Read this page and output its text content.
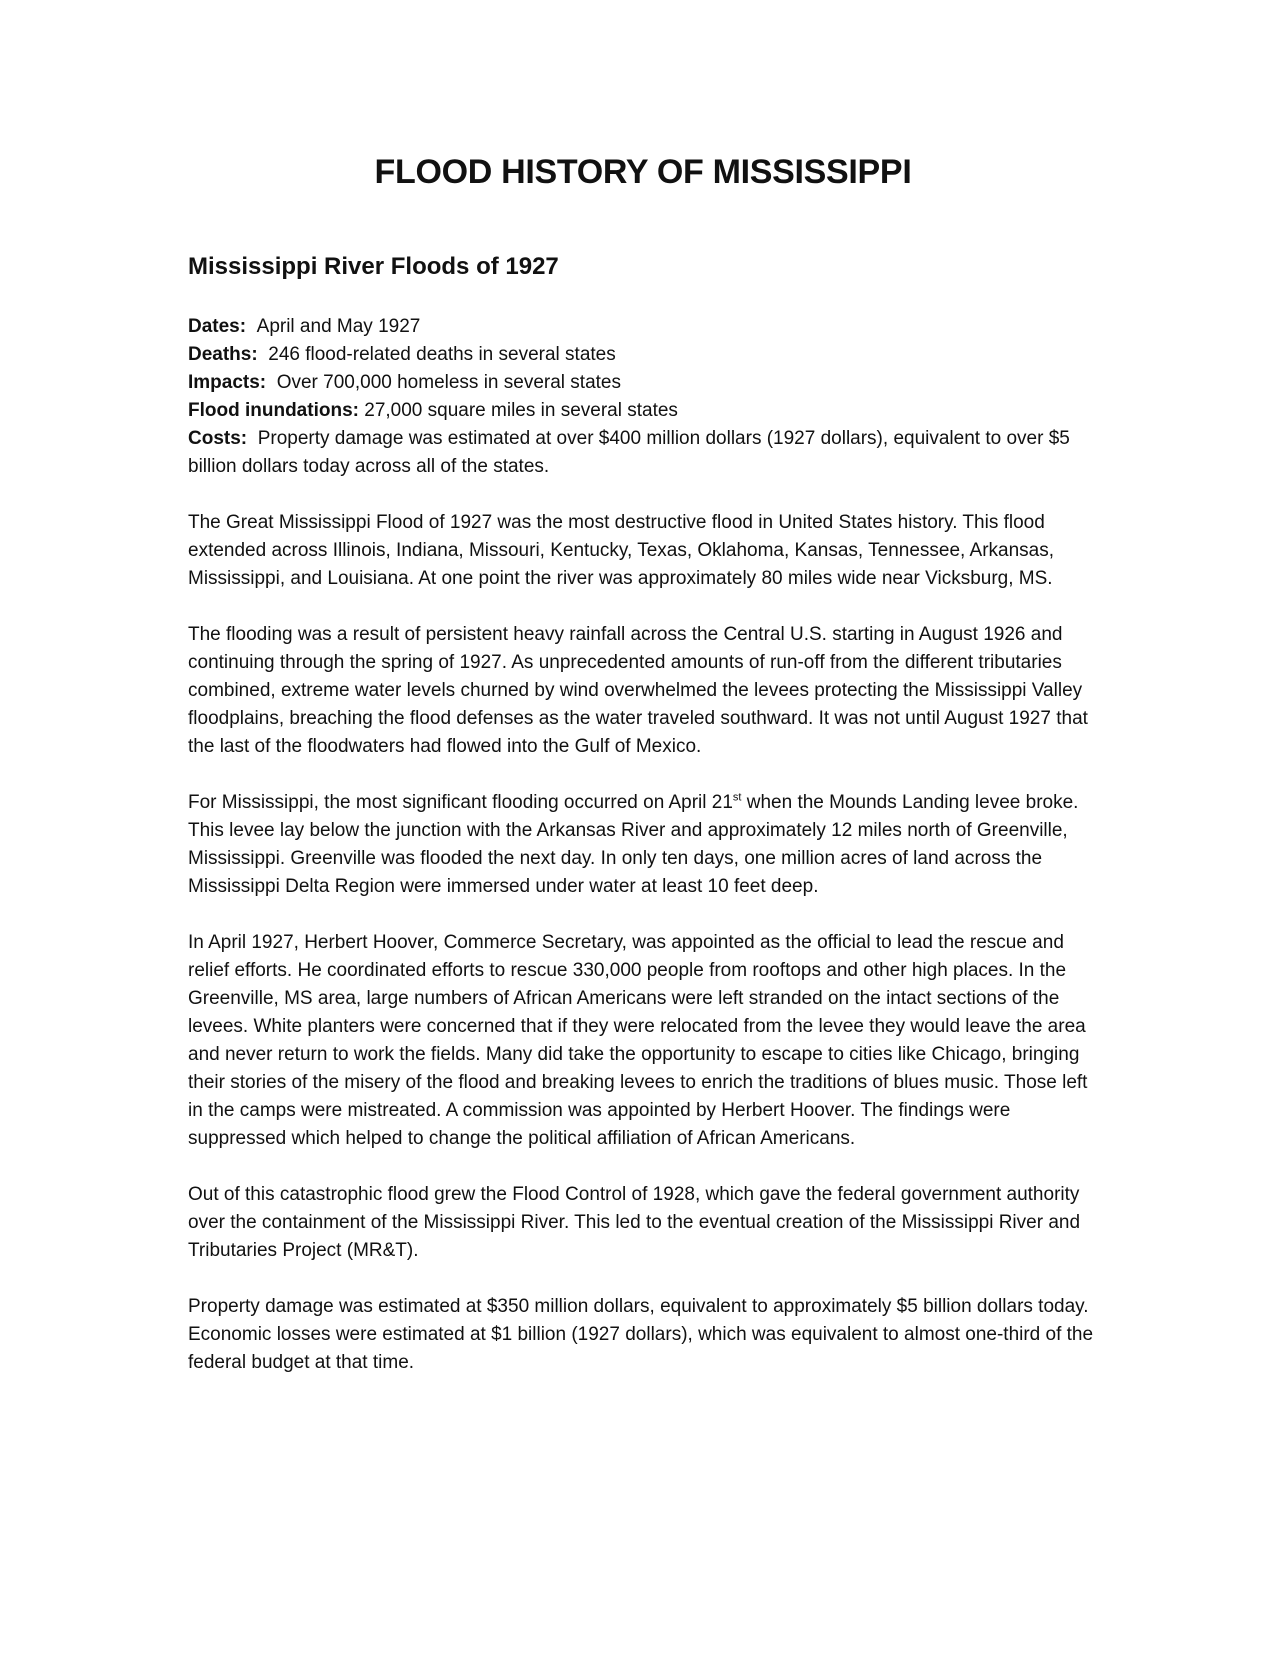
FLOOD HISTORY OF MISSISSIPPI
Mississippi River Floods of 1927
Dates: April and May 1927
Deaths: 246 flood-related deaths in several states
Impacts: Over 700,000 homeless in several states
Flood inundations: 27,000 square miles in several states
Costs: Property damage was estimated at over $400 million dollars (1927 dollars), equivalent to over $5 billion dollars today across all of the states.

The Great Mississippi Flood of 1927 was the most destructive flood in United States history. This flood extended across Illinois, Indiana, Missouri, Kentucky, Texas, Oklahoma, Kansas, Tennessee, Arkansas, Mississippi, and Louisiana. At one point the river was approximately 80 miles wide near Vicksburg, MS.

The flooding was a result of persistent heavy rainfall across the Central U.S. starting in August 1926 and continuing through the spring of 1927. As unprecedented amounts of run-off from the different tributaries combined, extreme water levels churned by wind overwhelmed the levees protecting the Mississippi Valley floodplains, breaching the flood defenses as the water traveled southward. It was not until August 1927 that the last of the floodwaters had flowed into the Gulf of Mexico.

For Mississippi, the most significant flooding occurred on April 21st when the Mounds Landing levee broke. This levee lay below the junction with the Arkansas River and approximately 12 miles north of Greenville, Mississippi. Greenville was flooded the next day. In only ten days, one million acres of land across the Mississippi Delta Region were immersed under water at least 10 feet deep.

In April 1927, Herbert Hoover, Commerce Secretary, was appointed as the official to lead the rescue and relief efforts. He coordinated efforts to rescue 330,000 people from rooftops and other high places. In the Greenville, MS area, large numbers of African Americans were left stranded on the intact sections of the levees. White planters were concerned that if they were relocated from the levee they would leave the area and never return to work the fields. Many did take the opportunity to escape to cities like Chicago, bringing their stories of the misery of the flood and breaking levees to enrich the traditions of blues music. Those left in the camps were mistreated. A commission was appointed by Herbert Hoover. The findings were suppressed which helped to change the political affiliation of African Americans.

Out of this catastrophic flood grew the Flood Control of 1928, which gave the federal government authority over the containment of the Mississippi River. This led to the eventual creation of the Mississippi River and Tributaries Project (MR&T).

Property damage was estimated at $350 million dollars, equivalent to approximately $5 billion dollars today. Economic losses were estimated at $1 billion (1927 dollars), which was equivalent to almost one-third of the federal budget at that time.
